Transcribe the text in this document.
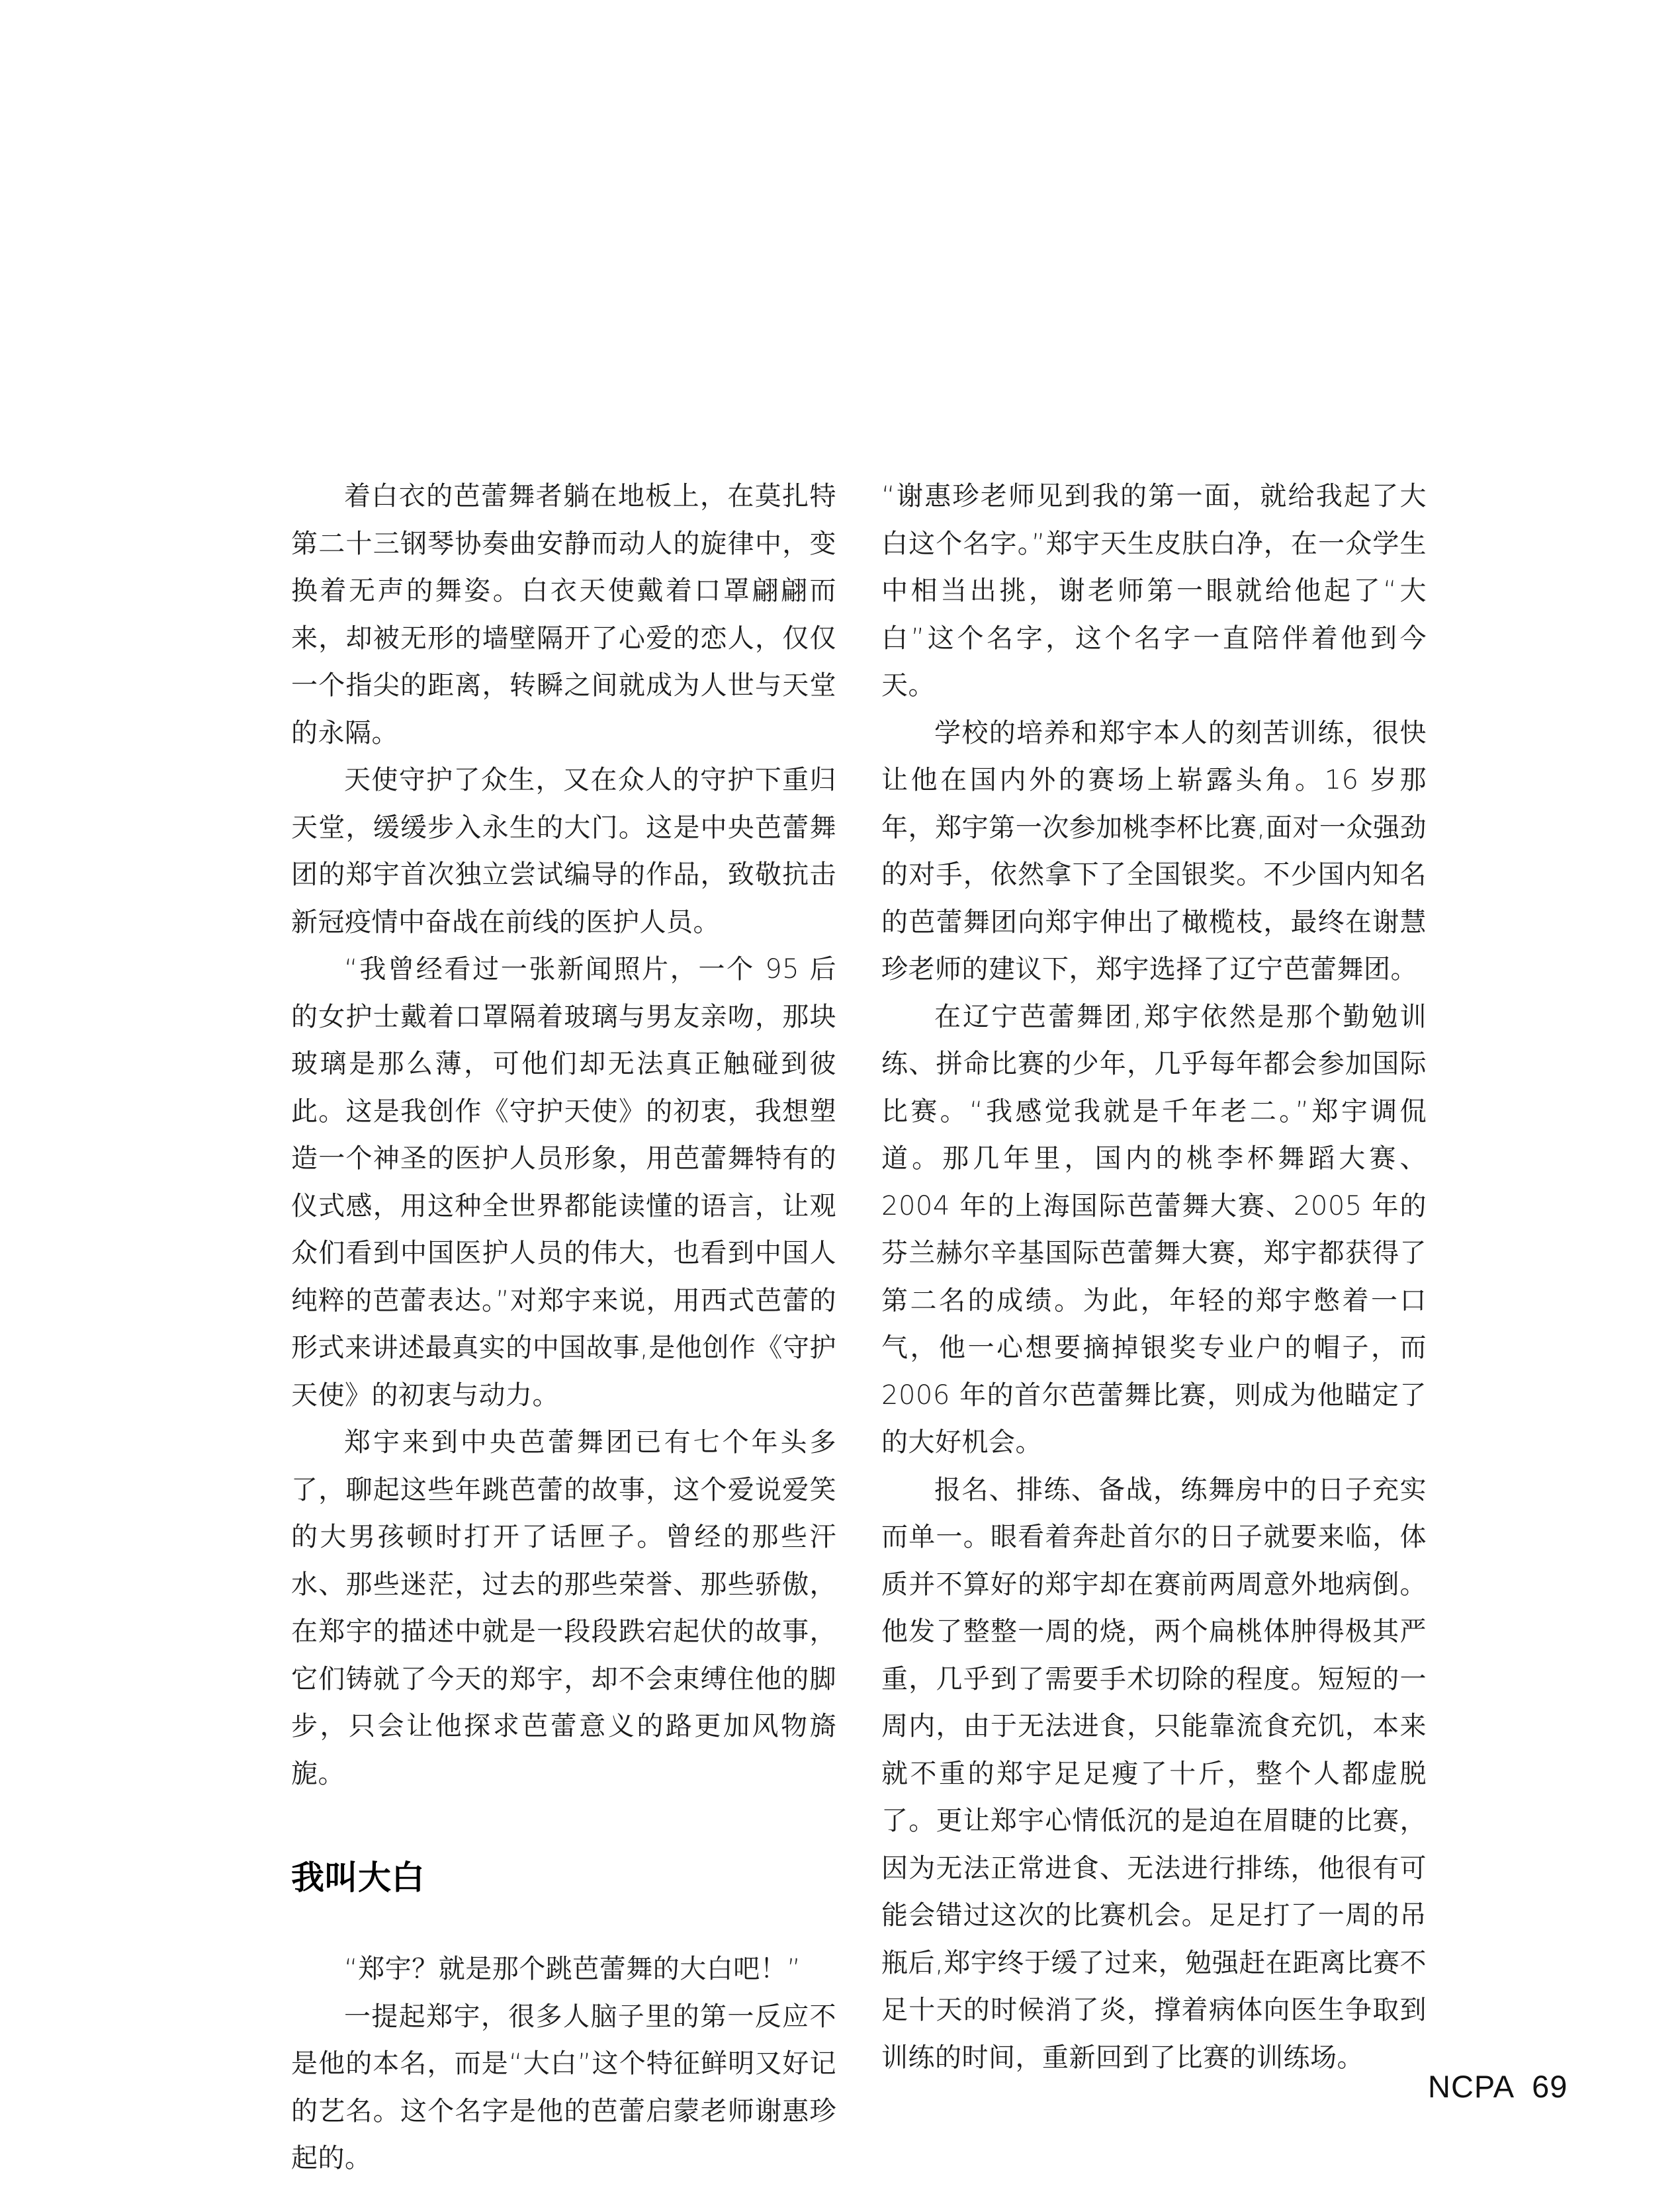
着白衣的芭蕾舞者躺在地板上，在莫扎特第二十三钢琴协奏曲安静而动人的旋律中，变换着无声的舞姿。白衣天使戴着口罩翩翩而来，却被无形的墙壁隔开了心爱的恋人，仅仅一个指尖的距离，转瞬之间就成为人世与天堂的永隔。

天使守护了众生，又在众人的守护下重归天堂，缓缓步入永生的大门。这是中央芭蕾舞团的郑宇首次独立尝试编导的作品，致敬抗击新冠疫情中奋战在前线的医护人员。

“我曾经看过一张新闻照片，一个 95 后的女护士戴着口罩隔着玻璃与男友亲吻，那块玻璃是那么薄，可他们却无法真正触碰到彼此。这是我创作《守护天使》的初衷，我想塑造一个神圣的医护人员形象，用芭蕾舞特有的仪式感，用这种全世界都能读懂的语言，让观众们看到中国医护人员的伟大，也看到中国人纯粹的芭蕾表达。”对郑宇来说，用西式芭蕾的形式来讲述最真实的中国故事,是他创作《守护天使》的初衷与动力。

郑宇来到中央芭蕾舞团已有七个年头多了，聊起这些年跳芭蕾的故事，这个爱说爱笑的大男孩顿时打开了话匣子。曾经的那些汗水、那些迷茫，过去的那些荣誉、那些骄傲，在郑宇的描述中就是一段段跌宕起伏的故事，它们铸就了今天的郑宇，却不会束缚住他的脚步，只会让他探求芭蕾意义的路更加风物旖旎。

我叫大白

“郑宇？就是那个跳芭蕾舞的大白吧！”

一提起郑宇，很多人脑子里的第一反应不是他的本名，而是“大白”这个特征鲜明又好记的艺名。这个名字是他的芭蕾启蒙老师谢惠珍起的。

“谢惠珍老师见到我的第一面，就给我起了大白这个名字。”郑宇天生皮肤白净，在一众学生中相当出挑，谢老师第一眼就给他起了“大白”这个名字，这个名字一直陪伴着他到今天。

学校的培养和郑宇本人的刻苦训练，很快让他在国内外的赛场上崭露头角。16 岁那年，郑宇第一次参加桃李杯比赛,面对一众强劲的对手，依然拿下了全国银奖。不少国内知名的芭蕾舞团向郑宇伸出了橄榄枝，最终在谢慧珍老师的建议下，郑宇选择了辽宁芭蕾舞团。

在辽宁芭蕾舞团,郑宇依然是那个勤勉训练、拼命比赛的少年，几乎每年都会参加国际比赛。“我感觉我就是千年老二。”郑宇调侃道。那几年里，国内的桃李杯舞蹈大赛、2004 年的上海国际芭蕾舞大赛、2005 年的芬兰赫尔辛基国际芭蕾舞大赛，郑宇都获得了第二名的成绩。为此，年轻的郑宇憋着一口气，他一心想要摘掉银奖专业户的帽子，而 2006 年的首尔芭蕾舞比赛，则成为他瞄定了的大好机会。

报名、排练、备战，练舞房中的日子充实而单一。眼看着奔赴首尔的日子就要来临，体质并不算好的郑宇却在赛前两周意外地病倒。他发了整整一周的烧，两个扁桃体肿得极其严重，几乎到了需要手术切除的程度。短短的一周内，由于无法进食，只能靠流食充饥，本来就不重的郑宇足足瘦了十斤，整个人都虚脱了。更让郑宇心情低沉的是迫在眉睫的比赛，因为无法正常进食、无法进行排练，他很有可能会错过这次的比赛机会。足足打了一周的吊瓶后,郑宇终于缓了过来，勉强赶在距离比赛不足十天的时候消了炎，撑着病体向医生争取到训练的时间，重新回到了比赛的训练场。

NCPA 69
